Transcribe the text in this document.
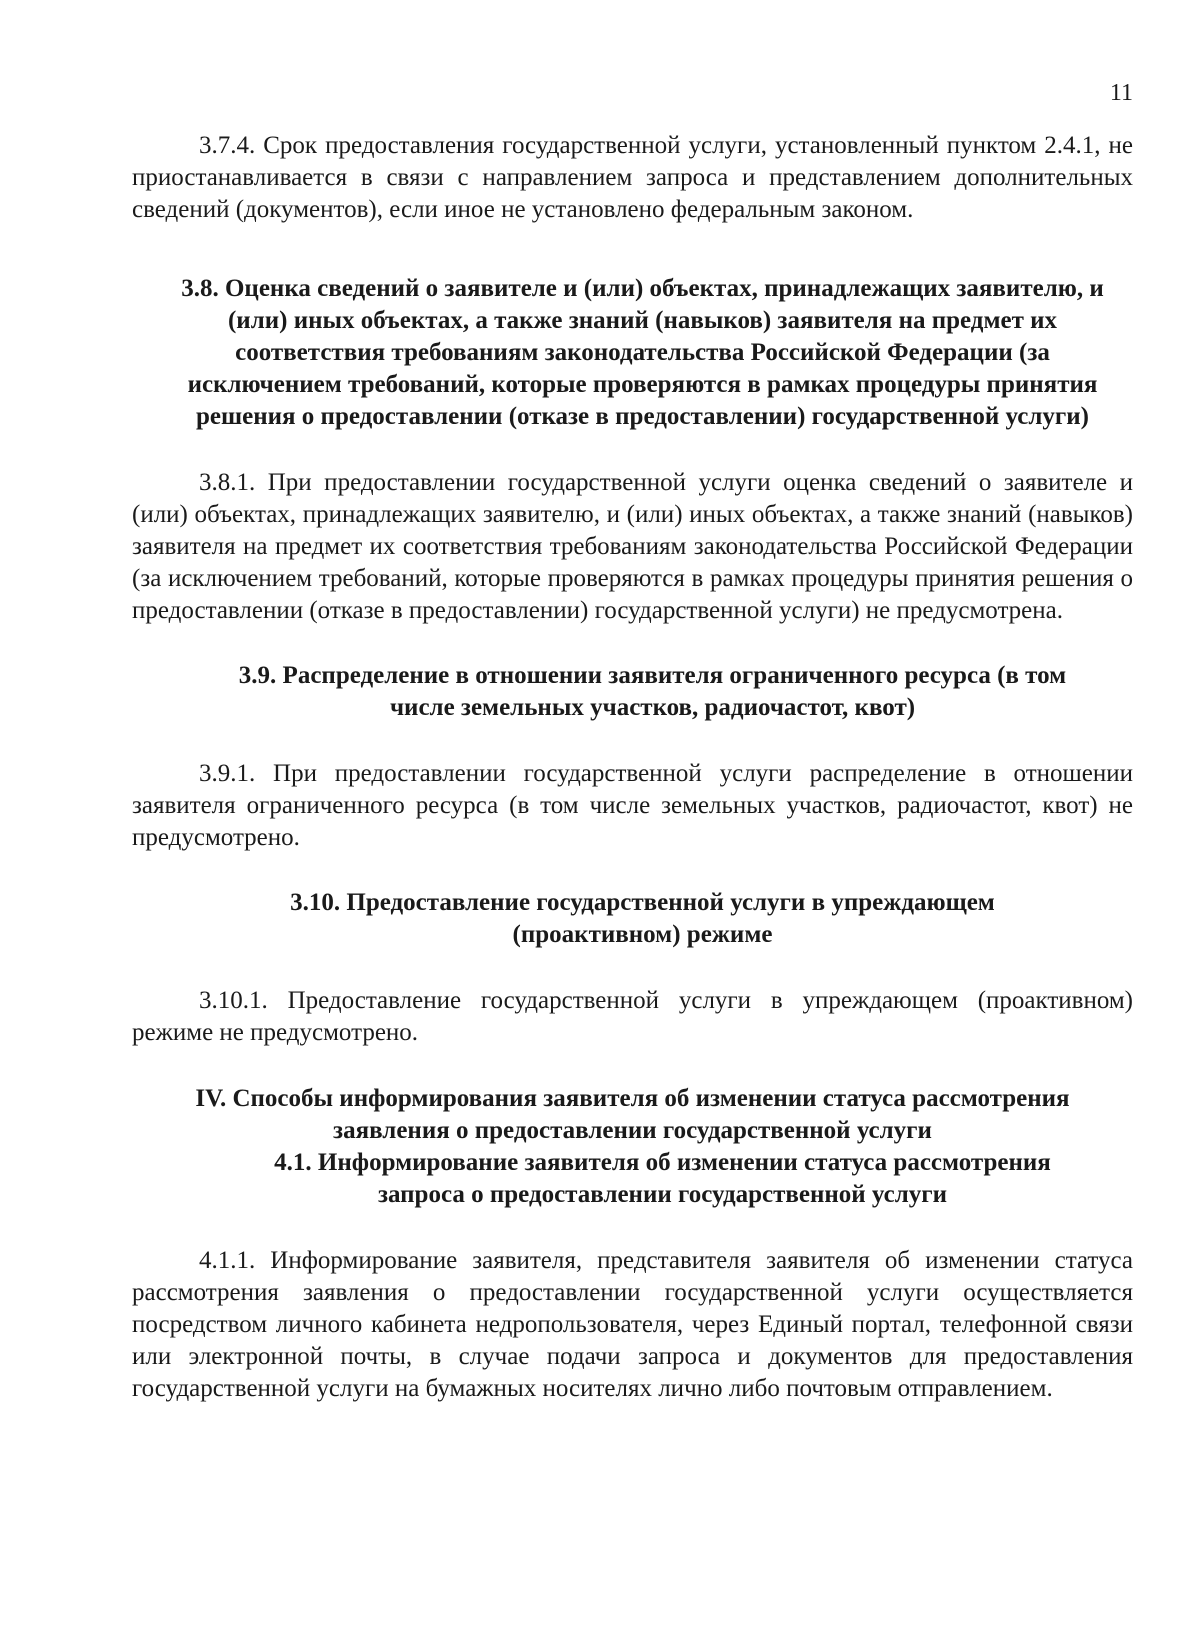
11

3.7.4. Срок предоставления государственной услуги, установленный пунктом 2.4.1, не приостанавливается в связи с направлением запроса и представлением дополнительных сведений (документов), если иное не установлено федеральным законом.

3.8. Оценка сведений о заявителе и (или) объектах, принадлежащих заявителю, и (или) иных объектах, а также знаний (навыков) заявителя на предмет их соответствия требованиям законодательства Российской Федерации (за исключением требований, которые проверяются в рамках процедуры принятия решения о предоставлении (отказе в предоставлении) государственной услуги)

3.8.1. При предоставлении государственной услуги оценка сведений о заявителе и (или) объектах, принадлежащих заявителю, и (или) иных объектах, а также знаний (навыков) заявителя на предмет их соответствия требованиям законодательства Российской Федерации (за исключением требований, которые проверяются в рамках процедуры принятия решения о предоставлении (отказе в предоставлении) государственной услуги) не предусмотрена.

3.9. Распределение в отношении заявителя ограниченного ресурса (в том числе земельных участков, радиочастот, квот)

3.9.1. При предоставлении государственной услуги распределение в отношении заявителя ограниченного ресурса (в том числе земельных участков, радиочастот, квот) не предусмотрено.

3.10. Предоставление государственной услуги в упреждающем (проактивном) режиме

3.10.1. Предоставление государственной услуги в упреждающем (проактивном) режиме не предусмотрено.

IV. Способы информирования заявителя об изменении статуса рассмотрения заявления о предоставлении государственной услуги
4.1. Информирование заявителя об изменении статуса рассмотрения запроса о предоставлении государственной услуги

4.1.1. Информирование заявителя, представителя заявителя об изменении статуса рассмотрения заявления о предоставлении государственной услуги осуществляется посредством личного кабинета недропользователя, через Единый портал, телефонной связи или электронной почты, в случае подачи запроса и документов для предоставления государственной услуги на бумажных носителях лично либо почтовым отправлением.
